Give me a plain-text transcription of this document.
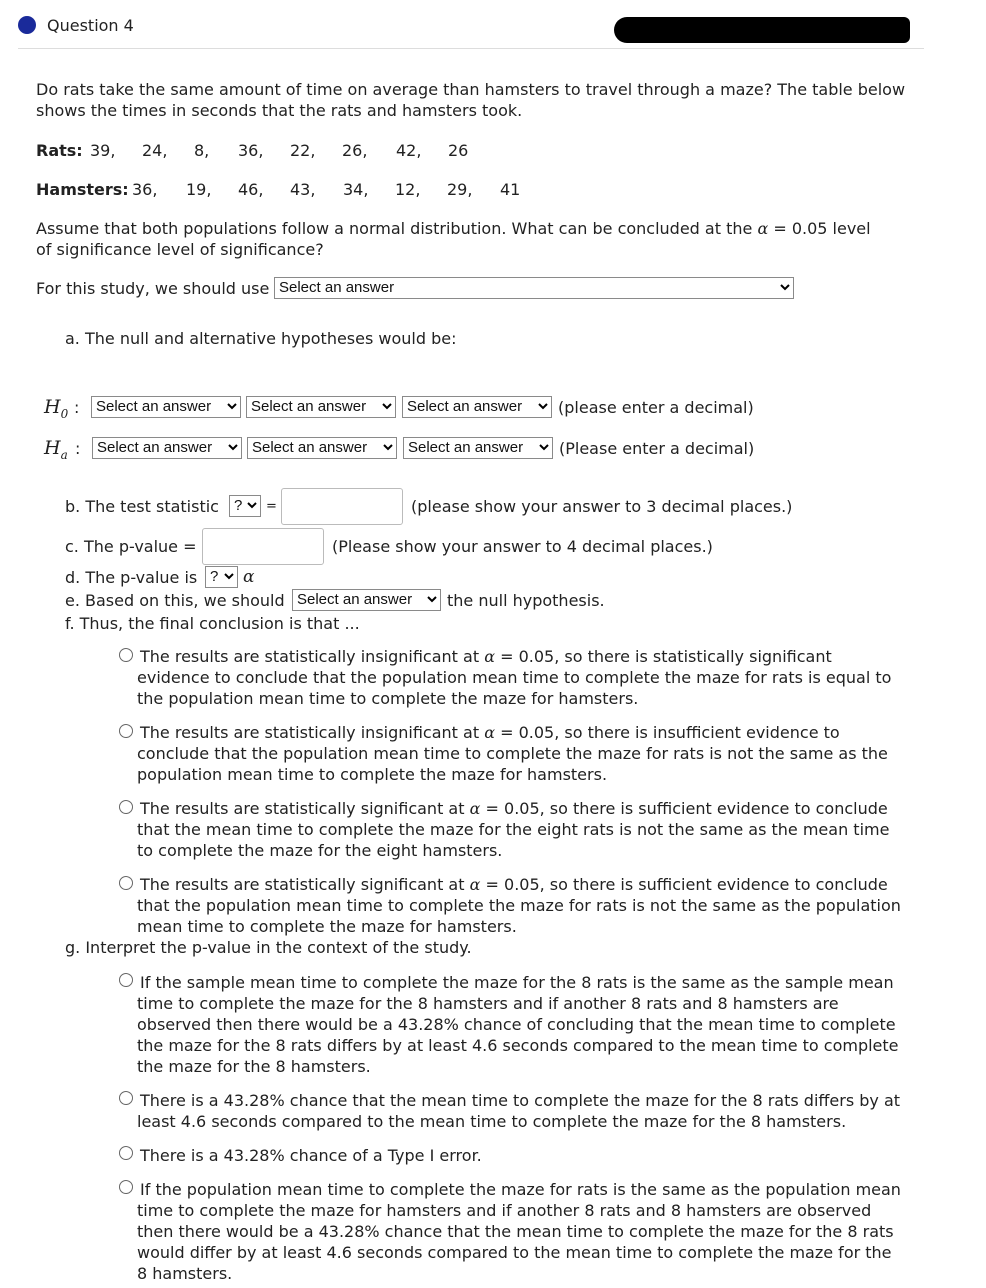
Question 4
Do rats take the same amount of time on average than hamsters to travel through a maze? The table below shows the times in seconds that the rats and hamsters took.
Rats: 39, 24, 8, 36, 22, 26, 42, 26
Hamsters: 36, 19, 46, 43, 34, 12, 29, 41
Assume that both populations follow a normal distribution. What can be concluded at the α = 0.05 level
of significance level of significance?
For this study, we should use Select an answer
a. The null and alternative hypotheses would be:
$H_0$ :	Select an answer	Select an answer	Select an answer	(please enter a decimal)
$H_a$ :	Select an answer	Select an answer	Select an answer	(Please enter a decimal)
b. The test statistic	?	=	(please show your answer to 3 decimal places.)
c. The p-value =	(Please show your answer to 4 decimal places.)
d. The p-value is ?	α
e. Based on this, we should Select an answer	the null hypothesis.
f. Thus, the final conclusion is that ...
The results are statistically insignificant at α = 0.05, so there is statistically significant
evidence to conclude that the population mean time to complete the maze for rats is equal to
the population mean time to complete the maze for hamsters.
The results are statistically insignificant at α = 0.05, so there is insufficient evidence to
conclude that the population mean time to complete the maze for rats is not the same as the
population mean time to complete the maze for hamsters.
The results are statistically significant at α = 0.05, so there is sufficient evidence to conclude
that the mean time to complete the maze for the eight rats is not the same as the mean time
to complete the maze for the eight hamsters.
The results are statistically significant at α = 0.05, so there is sufficient evidence to conclude
that the population mean time to complete the maze for rats is not the same as the population
mean time to complete the maze for hamsters.
g. Interpret the p-value in the context of the study.
If the sample mean time to complete the maze for the 8 rats is the same as the sample mean
time to complete the maze for the 8 hamsters and if another 8 rats and 8 hamsters are
observed then there would be a 43.28% chance of concluding that the mean time to complete
the maze for the 8 rats differs by at least 4.6 seconds compared to the mean time to complete
the maze for the 8 hamsters.
There is a 43.28% chance that the mean time to complete the maze for the 8 rats differs by at
least 4.6 seconds compared to the mean time to complete the maze for the 8 hamsters.
There is a 43.28% chance of a Type I error.
If the population mean time to complete the maze for rats is the same as the population mean
time to complete the maze for hamsters and if another 8 rats and 8 hamsters are observed
then there would be a 43.28% chance that the mean time to complete the maze for the 8 rats
would differ by at least 4.6 seconds compared to the mean time to complete the maze for the
8 hamsters.
